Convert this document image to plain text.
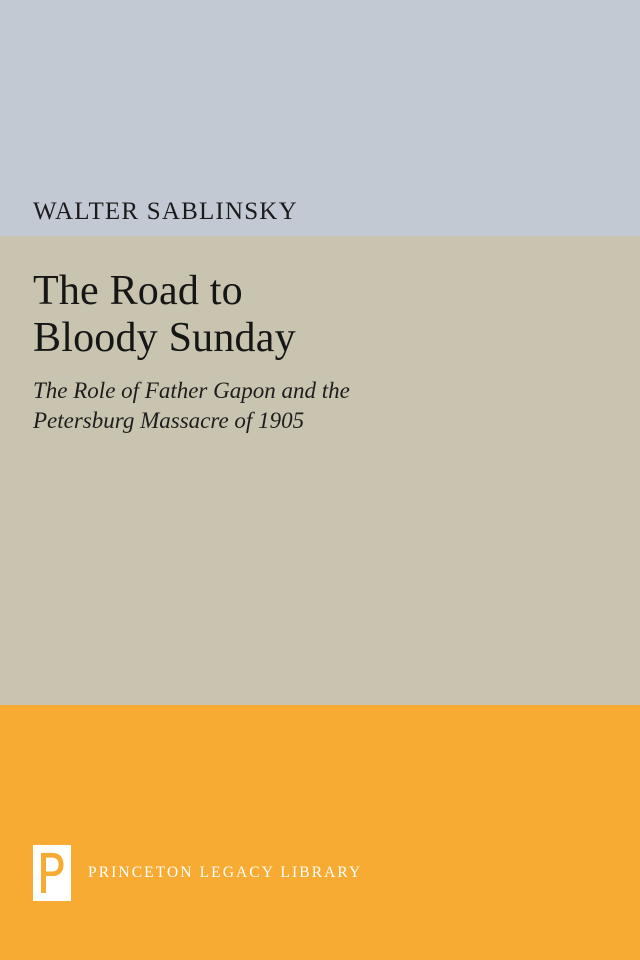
WALTER SABLINSKY

The Road to
Bloody Sunday

The Role of Father Gapon and the
Petersburg Massacre of 1905

PRINCETON LEGACY LIBRARY
